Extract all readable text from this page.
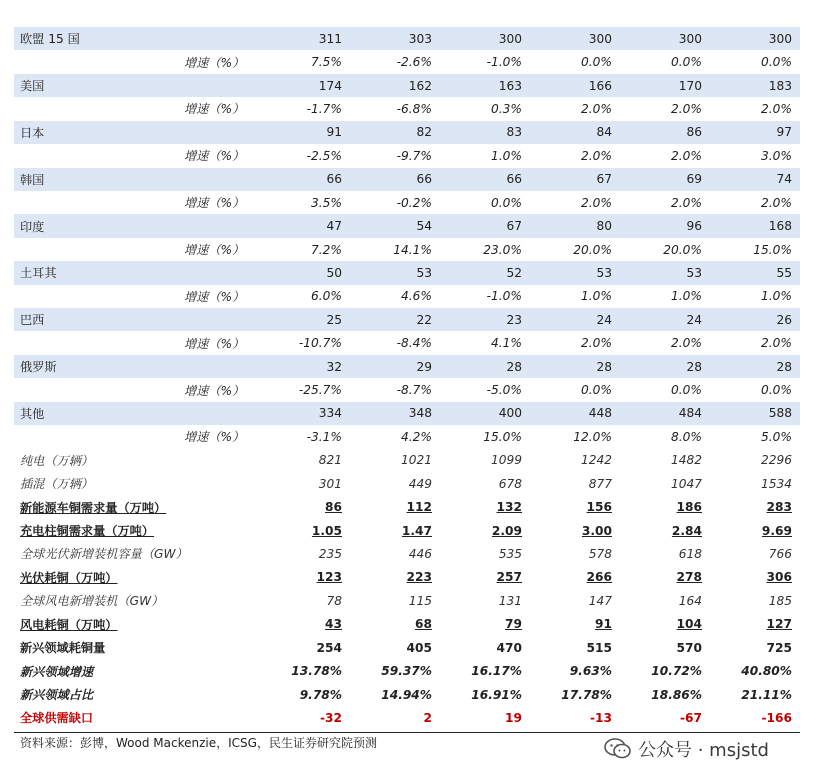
欧盟 15 国	311	303	300	300	300	300
增速（%）	7.5%	-2.6%	-1.0%	0.0%	0.0%	0.0%
美国	174	162	163	166	170	183
增速（%）	-1.7%	-6.8%	0.3%	2.0%	2.0%	2.0%
日本	91	82	83	84	86	97
增速（%）	-2.5%	-9.7%	1.0%	2.0%	2.0%	3.0%
韩国	66	66	66	67	69	74
增速（%）	3.5%	-0.2%	0.0%	2.0%	2.0%	2.0%
印度	47	54	67	80	96	168
增速（%）	7.2%	14.1%	23.0%	20.0%	20.0%	15.0%
土耳其	50	53	52	53	53	55
增速（%）	6.0%	4.6%	-1.0%	1.0%	1.0%	1.0%
巴西	25	22	23	24	24	26
增速（%）	-10.7%	-8.4%	4.1%	2.0%	2.0%	2.0%
俄罗斯	32	29	28	28	28	28
增速（%）	-25.7%	-8.7%	-5.0%	0.0%	0.0%	0.0%
其他	334	348	400	448	484	588
增速（%）	-3.1%	4.2%	15.0%	12.0%	8.0%	5.0%
纯电（万辆）	821	1021	1099	1242	1482	2296
插混（万辆）	301	449	678	877	1047	1534
新能源车铜需求量（万吨）	86	112	132	156	186	283
充电柱铜需求量（万吨）	1.05	1.47	2.09	3.00	2.84	9.69
全球光伏新增装机容量（GW）	235	446	535	578	618	766
光伏耗铜（万吨）	123	223	257	266	278	306
全球风电新增装机（GW）	78	115	131	147	164	185
风电耗铜（万吨）	43	68	79	91	104	127
新兴领域耗铜量	254	405	470	515	570	725
新兴领域增速	13.78%	59.37%	16.17%	9.63%	10.72%	40.80%
新兴领域占比	9.78%	14.94%	16.91%	17.78%	18.86%	21.11%
全球供需缺口	-32	2	19	-13	-67	-166
资料来源：彭博，Wood Mackenzie，ICSG，民生证券研究院预测	公众号 · msjstd
